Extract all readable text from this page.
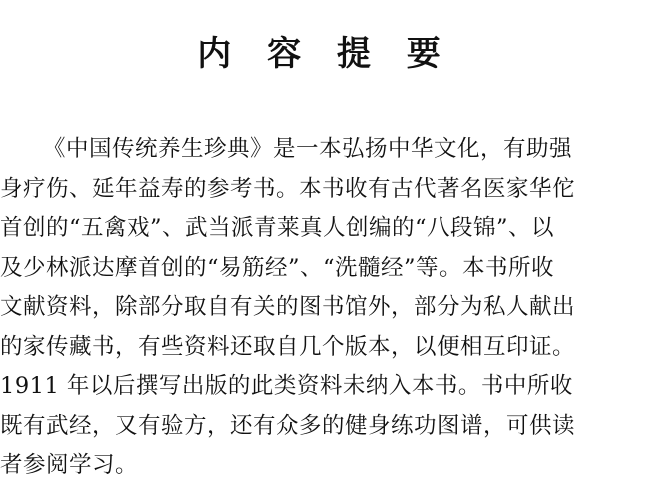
内 容 提 要
《中国传统养生珍典》是一本弘扬中华文化，有助强
身疗伤、延年益寿的参考书。本书收有古代著名医家华佗
首创的“五禽戏”、武当派青莱真人创编的“八段锦”、以
及少林派达摩首创的“易筋经”、“洗髓经”等。本书所收
文献资料，除部分取自有关的图书馆外，部分为私人献出
的家传藏书，有些资料还取自几个版本，以便相互印证。
1911 年以后撰写出版的此类资料未纳入本书。书中所收
既有武经，又有验方，还有众多的健身练功图谱，可供读
者参阅学习。
